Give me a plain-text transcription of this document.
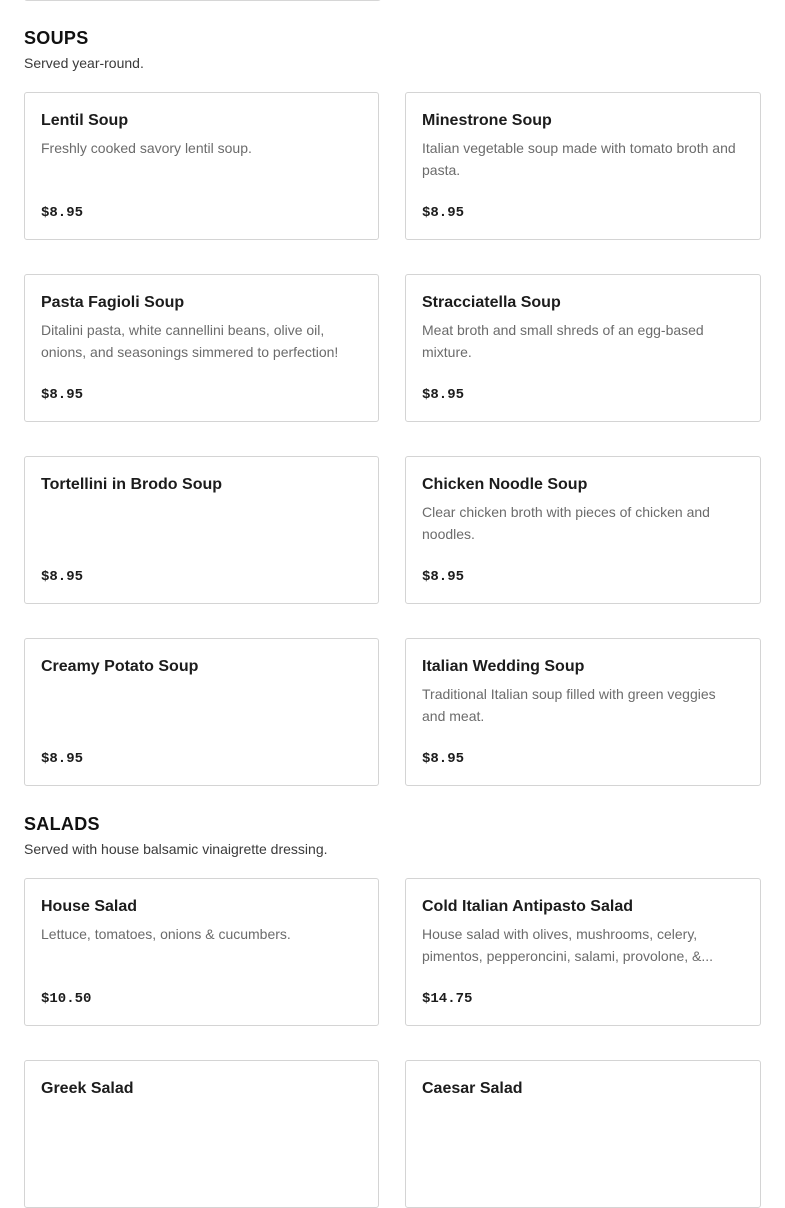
SOUPS

Served year-round.

Lentil Soup
Freshly cooked savory lentil soup.
$8.95
Minestrone Soup
Italian vegetable soup made with tomato broth and pasta.
$8.95
Pasta Fagioli Soup
Ditalini pasta, white cannellini beans, olive oil, onions, and seasonings simmered to perfection!
$8.95
Stracciatella Soup
Meat broth and small shreds of an egg-based mixture.
$8.95
Tortellini in Brodo Soup
$8.95
Chicken Noodle Soup
Clear chicken broth with pieces of chicken and noodles.
$8.95
Creamy Potato Soup
$8.95
Italian Wedding Soup
Traditional Italian soup filled with green veggies and meat.
$8.95
SALADS

Served with house balsamic vinaigrette dressing.

House Salad
Lettuce, tomatoes, onions & cucumbers.
$10.50
Cold Italian Antipasto Salad
House salad with olives, mushrooms, celery, pimentos, pepperoncini, salami, provolone, &...
$14.75
Greek Salad	Caesar Salad
